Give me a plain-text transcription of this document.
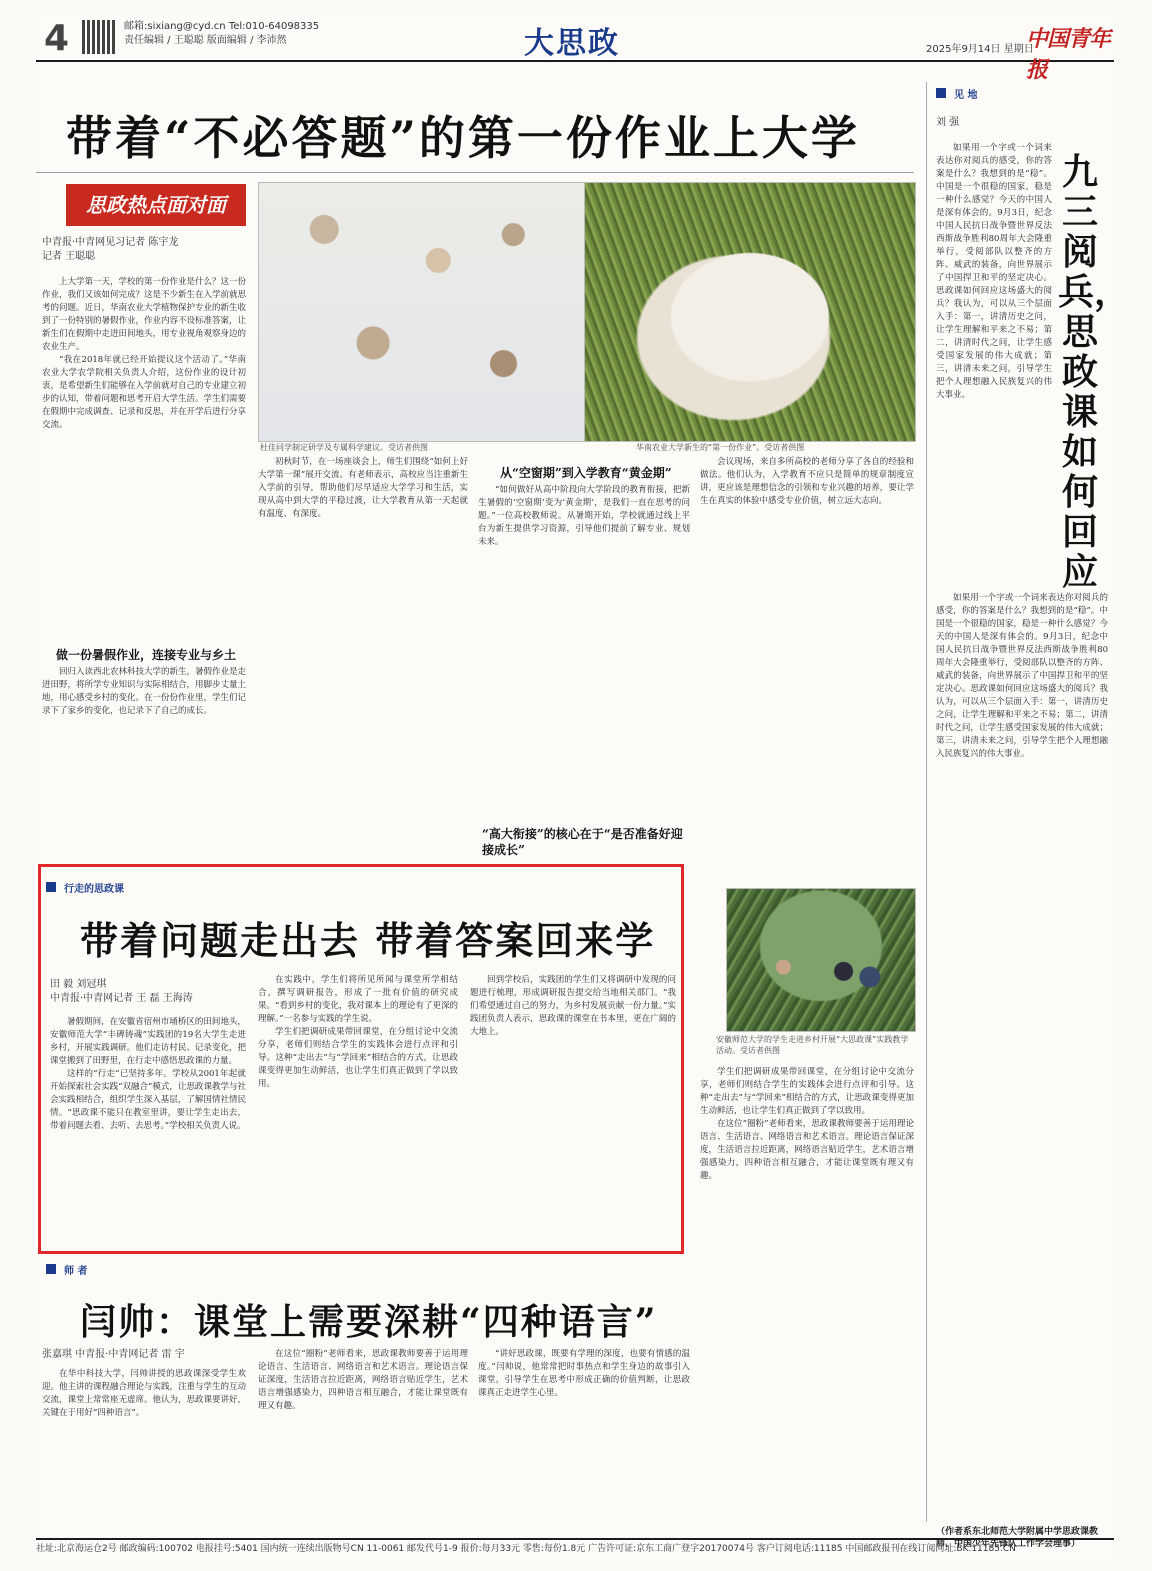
4	邮箱:sixiang@cyd.cn Tel:010-64098335
责任编辑 / 王聪聪 版面编辑 / 李沛然	大思政	2025年9月14日 星期日
中国青年报
带着“不必答题”的第一份作业上大学
思政热点面对面
中青报·中青网见习记者 陈宇龙
记者 王聪聪
杜佳同学制定研学及专属科学建议。受访者供图	华南农业大学新生的“第一份作业”。受访者供图

上大学第一天，学校的第一份作业是什么？这一份作业，我们又该如何完成？这是不少新生在入学前就思考的问题。近日，华南农业大学植物保护专业的新生收到了一份特别的暑假作业，作业内容不设标准答案，让新生们在假期中走进田间地头，用专业视角观察身边的农业生产。

“我在2018年就已经开始提议这个活动了。”华南农业大学农学院相关负责人介绍，这份作业的设计初衷，是希望新生们能够在入学前就对自己的专业建立初步的认知，带着问题和思考开启大学生活。学生们需要在假期中完成调查、记录和反思，并在开学后进行分享交流。

做一份暑假作业，连接专业与乡土

回归入读西北农林科技大学的新生，暑假作业是走进田野，将所学专业知识与实际相结合，用脚步丈量土地，用心感受乡村的变化。在一份份作业里，学生们记录下了家乡的变化，也记录下了自己的成长。

初秋时节，在一场座谈会上，师生们围绕“如何上好大学第一课”展开交流。有老师表示，高校应当注重新生入学前的引导，帮助他们尽早适应大学学习和生活，实现从高中到大学的平稳过渡，让大学教育从第一天起就有温度、有深度。

从“空窗期”到入学教育“黄金期”

“如何做好从高中阶段向大学阶段的教育衔接，把新生暑假的‘空窗期’变为‘黄金期’，是我们一直在思考的问题。”一位高校教师说。从暑期开始，学校就通过线上平台为新生提供学习资源，引导他们提前了解专业、规划未来。

“高大衔接”的核心在于“是否准备好迎接成长”

会议现场，来自多所高校的老师分享了各自的经验和做法。他们认为，入学教育不应只是简单的规章制度宣讲，更应该是理想信念的引领和专业兴趣的培养，要让学生在真实的体验中感受专业价值，树立远大志向。

行走的思政课
带着问题走出去 带着答案回来学
田 毅 刘冠琪
中青报·中青网记者 王 磊 王海涛

暑假期间，在安徽省宿州市埇桥区的田间地头，安徽师范大学“丰碑铸魂”实践团的19名大学生走进乡村，开展实践调研。他们走访村民、记录变化，把课堂搬到了田野里，在行走中感悟思政课的力量。

这样的“行走”已坚持多年。学校从2001年起就开始探索社会实践“双融合”模式，让思政课教学与社会实践相结合，组织学生深入基层，了解国情社情民情。“思政课不能只在教室里讲，要让学生走出去，带着问题去看、去听、去思考。”学校相关负责人说。

在实践中，学生们将所见所闻与课堂所学相结合，撰写调研报告，形成了一批有价值的研究成果。“看到乡村的变化，我对课本上的理论有了更深的理解。”一名参与实践的学生说。

学生们把调研成果带回课堂，在分组讨论中交流分享，老师们则结合学生的实践体会进行点评和引导。这种“走出去”与“学回来”相结合的方式，让思政课变得更加生动鲜活，也让学生们真正做到了学以致用。

回到学校后，实践团的学生们又将调研中发现的问题进行梳理，形成调研报告提交给当地相关部门。“我们希望通过自己的努力，为乡村发展贡献一份力量。”实践团负责人表示，思政课的课堂在书本里，更在广阔的大地上。

安徽师范大学的学生走进乡村开展“大思政课”实践教学活动。受访者供图
师 者
闫帅：课堂上需要深耕“四种语言”
张嘉琪 中青报·中青网记者 雷 宇

在华中科技大学，闫帅讲授的思政课深受学生欢迎。他主讲的课程融合理论与实践，注重与学生的互动交流，课堂上常常座无虚席。他认为，思政课要讲好，关键在于用好“四种语言”。

在这位“圈粉”老师看来，思政课教师要善于运用理论语言、生活语言、网络语言和艺术语言。理论语言保证深度，生活语言拉近距离，网络语言贴近学生，艺术语言增强感染力，四种语言相互融合，才能让课堂既有理又有趣。

“讲好思政课，既要有学理的深度，也要有情感的温度。”闫帅说，他常常把时事热点和学生身边的故事引入课堂，引导学生在思考中形成正确的价值判断，让思政课真正走进学生心里。

学生们把调研成果带回课堂，在分组讨论中交流分享，老师们则结合学生的实践体会进行点评和引导。这种“走出去”与“学回来”相结合的方式，让思政课变得更加生动鲜活，也让学生们真正做到了学以致用。

在这位“圈粉”老师看来，思政课教师要善于运用理论语言、生活语言、网络语言和艺术语言。理论语言保证深度，生活语言拉近距离，网络语言贴近学生，艺术语言增强感染力，四种语言相互融合，才能让课堂既有理又有趣。

见 地
刘 强
九三阅兵，思政课如何回应

如果用一个字或一个词来表达你对阅兵的感受，你的答案是什么？我想到的是“稳”。中国是一个很稳的国家，稳是一种什么感觉？今天的中国人是深有体会的。9月3日，纪念中国人民抗日战争暨世界反法西斯战争胜利80周年大会隆重举行，受阅部队以整齐的方阵、威武的装备，向世界展示了中国捍卫和平的坚定决心。思政课如何回应这场盛大的阅兵？我认为，可以从三个层面入手：第一，讲清历史之问，让学生理解和平来之不易；第二，讲清时代之问，让学生感受国家发展的伟大成就；第三，讲清未来之问，引导学生把个人理想融入民族复兴的伟大事业。

如果用一个字或一个词来表达你对阅兵的感受，你的答案是什么？我想到的是“稳”。中国是一个很稳的国家，稳是一种什么感觉？今天的中国人是深有体会的。9月3日，纪念中国人民抗日战争暨世界反法西斯战争胜利80周年大会隆重举行，受阅部队以整齐的方阵、威武的装备，向世界展示了中国捍卫和平的坚定决心。思政课如何回应这场盛大的阅兵？我认为，可以从三个层面入手：第一，讲清历史之问，让学生理解和平来之不易；第二，讲清时代之问，让学生感受国家发展的伟大成就；第三，讲清未来之问，引导学生把个人理想融入民族复兴的伟大事业。

（作者系东北师范大学附属中学思政课教师、中国少年先锋队工作学会理事）
社址:北京海运仓2号 邮政编码:100702 电报挂号:5401 国内统一连续出版物号CN 11-0061 邮发代号1-9 报价:每月33元 零售:每份1.8元 广告许可证:京东工商广登字20170074号 客户订阅电话:11185 中国邮政报刊在线订阅网址:BK.11185.CN
